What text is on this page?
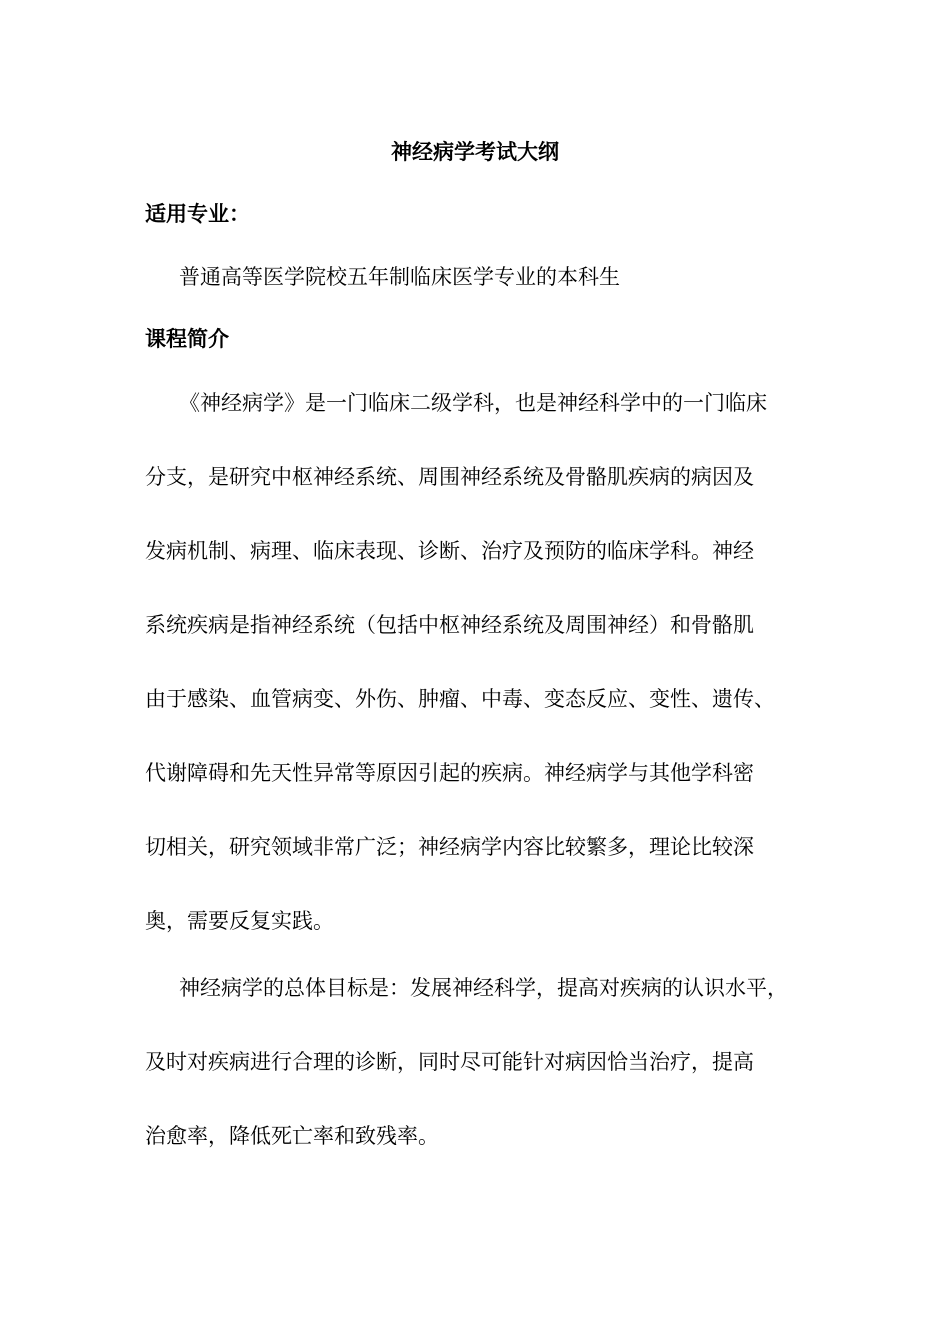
神经病学考试大纲
适用专业：

普通高等医学院校五年制临床医学专业的本科生

课程简介

《神经病学》是一门临床二级学科，也是神经科学中的一门临床
分支，是研究中枢神经系统、周围神经系统及骨骼肌疾病的病因及
发病机制、病理、临床表现、诊断、治疗及预防的临床学科。神经
系统疾病是指神经系统（包括中枢神经系统及周围神经）和骨骼肌
由于感染、血管病变、外伤、肿瘤、中毒、变态反应、变性、遗传、
代谢障碍和先天性异常等原因引起的疾病。神经病学与其他学科密
切相关，研究领域非常广泛；神经病学内容比较繁多，理论比较深
奥，需要反复实践。

神经病学的总体目标是：发展神经科学，提高对疾病的认识水平，
及时对疾病进行合理的诊断，同时尽可能针对病因恰当治疗，提高
治愈率，降低死亡率和致残率。
